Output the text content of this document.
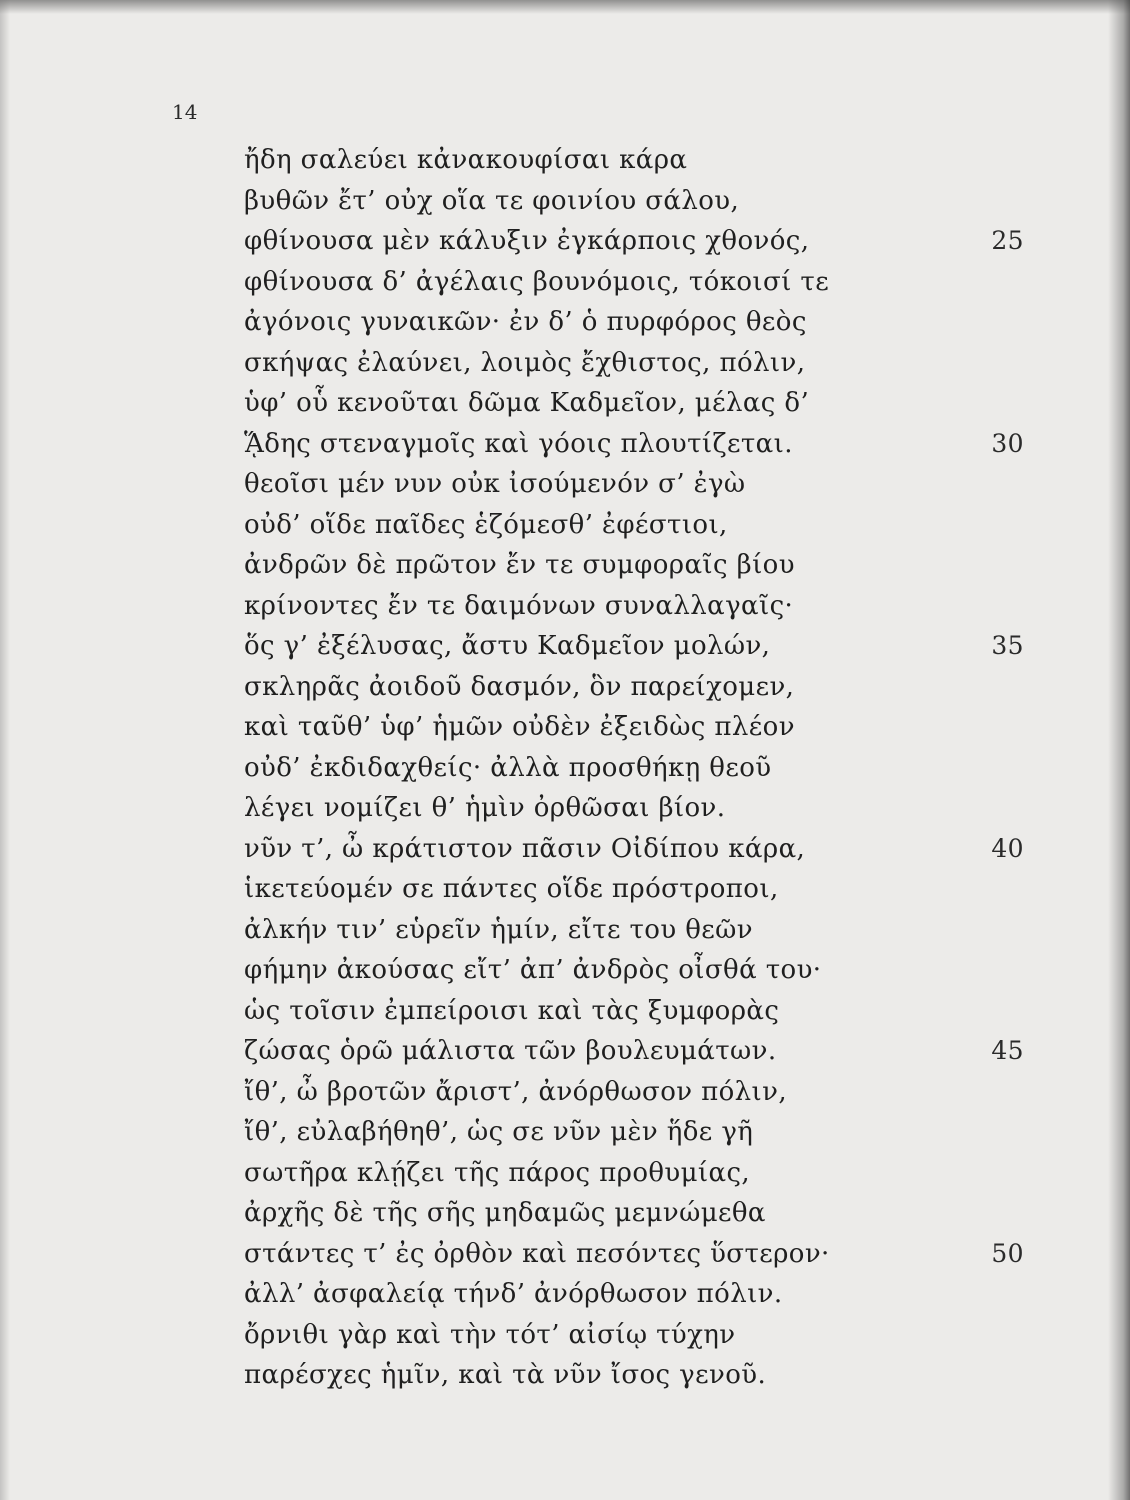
14
ἤδη σαλεύει κἀνακουφίσαι κάρα
βυθῶν ἔτ’ οὐχ οἵα τε φοινίου σάλου,
φθίνουσα μὲν κάλυξιν ἐγκάρποις χθονός,	25
φθίνουσα δ’ ἀγέλαις βουνόμοις, τόκοισί τε
ἀγόνοις γυναικῶν· ἐν δ’ ὁ πυρφόρος θεὸς
σκήψας ἐλαύνει, λοιμὸς ἔχθιστος, πόλιν,
ὑφ’ οὗ κενοῦται δῶμα Καδμεῖον, μέλας δ’
ᾍδης στεναγμοῖς καὶ γόοις πλουτίζεται.	30
θεοῖσι μέν νυν οὐκ ἰσούμενόν σ’ ἐγὼ
οὐδ’ οἵδε παῖδες ἑζόμεσθ’ ἐφέστιοι,
ἀνδρῶν δὲ πρῶτον ἔν τε συμφοραῖς βίου
κρίνοντες ἔν τε δαιμόνων συναλλαγαῖς·
ὅς γ’ ἐξέλυσας, ἄστυ Καδμεῖον μολών,	35
σκληρᾶς ἀοιδοῦ δασμόν, ὃν παρείχομεν,
καὶ ταῦθ’ ὑφ’ ἡμῶν οὐδὲν ἐξειδὼς πλέον
οὐδ’ ἐκδιδαχθείς· ἀλλὰ προσθήκῃ θεοῦ
λέγει νομίζει θ’ ἡμὶν ὀρθῶσαι βίον.
νῦν τ’, ὦ κράτιστον πᾶσιν Οἰδίπου κάρα,	40
ἱκετεύομέν σε πάντες οἵδε πρόστροποι,
ἀλκήν τιν’ εὑρεῖν ἡμίν, εἴτε του θεῶν
φήμην ἀκούσας εἴτ’ ἀπ’ ἀνδρὸς οἶσθά του·
ὡς τοῖσιν ἐμπείροισι καὶ τὰς ξυμφορὰς
ζώσας ὁρῶ μάλιστα τῶν βουλευμάτων.	45
ἴθ’, ὦ βροτῶν ἄριστ’, ἀνόρθωσον πόλιν,
ἴθ’, εὐλαβήθηθ’, ὡς σε νῦν μὲν ἥδε γῆ
σωτῆρα κλῄζει τῆς πάρος προθυμίας,
ἀρχῆς δὲ τῆς σῆς μηδαμῶς μεμνώμεθα
στάντες τ’ ἐς ὀρθὸν καὶ πεσόντες ὕστερον·	50
ἀλλ’ ἀσφαλείᾳ τήνδ’ ἀνόρθωσον πόλιν.
ὄρνιθι γὰρ καὶ τὴν τότ’ αἰσίῳ τύχην
παρέσχες ἡμῖν, καὶ τὰ νῦν ἴσος γενοῦ.
